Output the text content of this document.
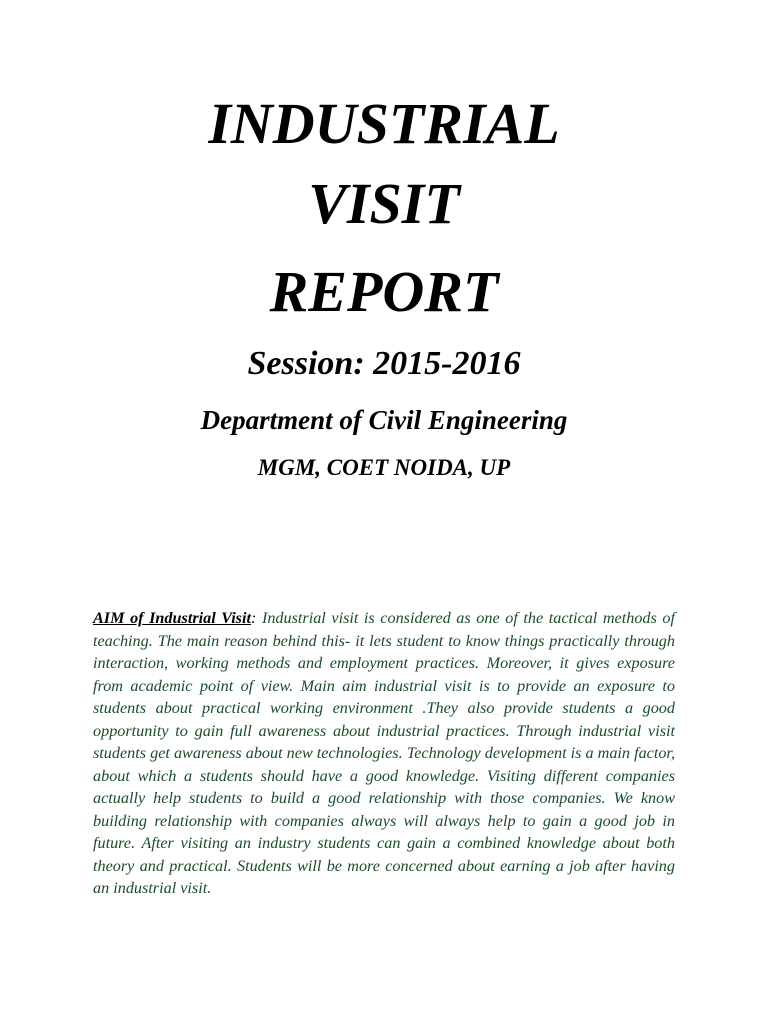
INDUSTRIAL
VISIT
REPORT
Session: 2015-2016
Department of Civil Engineering
MGM, COET NOIDA, UP

AIM of Industrial Visit: Industrial visit is considered as one of the tactical methods of teaching. The main reason behind this- it lets student to know things practically through interaction, working methods and employment practices. Moreover, it gives exposure from academic point of view. Main aim industrial visit is to provide an exposure to students about practical working environment .They also provide students a good opportunity to gain full awareness about industrial practices. Through industrial visit students get awareness about new technologies. Technology development is a main factor, about which a students should have a good knowledge. Visiting different companies actually help students to build a good relationship with those companies. We know building relationship with companies always will always help to gain a good job in future. After visiting an industry students can gain a combined knowledge about both theory and practical. Students will be more concerned about earning a job after having an industrial visit.
